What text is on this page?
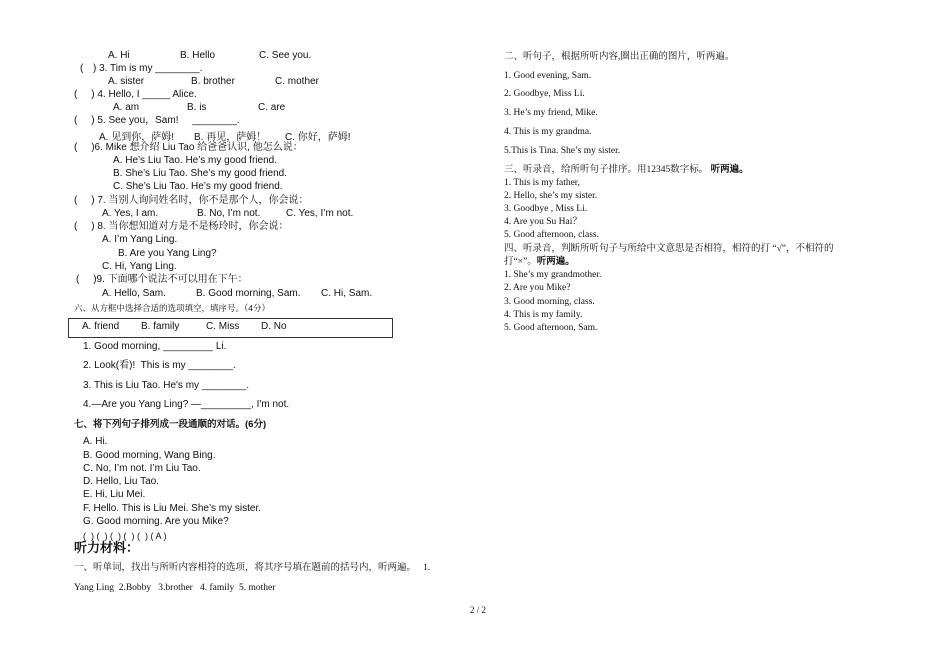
A. Hi	B. Hello	C. See you.
( ) 3. Tim is my ________.
A. sister	B. brother	C. mother
(     ) 4. Hello, I _____ Alice.
A. am	B. is	C. are
(     ) 5. See you，Sam!     ________.
A. 见到你，萨姆! B. 再见，萨姆！ C. 你好，萨姆!
(     )6. Mike 想介绍 Liu Tao 给爸爸认识, 他怎么说：
A. He’s Liu Tao. He’s my good friend.
B. She’s Liu Tao. She’s my good friend.
C. She’s Liu Tao. He’s my good friend.
(     ) 7. 当别人询问姓名时，你不是那个人，你会说：
A. Yes, I am.	B. No, I’m not.	C. Yes, I’m not.
(     ) 8. 当你想知道对方是不是杨玲时，你会说：
A. I’m Yang Ling.
B. Are you Yang Ling?
C. Hi, Yang Ling.
(     )9. 下面哪个说法不可以用在下午：
A. Hello, Sam.	B. Good morning, Sam. C. Hi, Sam.
六、从方框中选择合适的选项填空，填序号。（4分）
A. friend B. family	C. Miss D. No
1. Good morning, _________ Li.
2. Look(看)!  This is my ________.
3. This is Liu Tao. He's my ________.
4.—Are you Yang Ling? —_________, I'm not.
七、将下列句子排列成一段通顺的对话。(6分)
A. Hi.
B. Good morning, Wang Bing.
C. No, I’m not. I’m Liu Tao.
D. Hello, Liu Tao.
E. Hi, Liu Mei.
F. Hello. This is Liu Mei. She’s my sister.
G. Good morning. Are you Mike?
(  ) (  ) (  ) (  ) (  ) ( A )
听力材料：
一、听单词，找出与所听内容相符的选项，将其序号填在题前的括号内，听两遍。   1.
Yang Ling  2.Bobby   3.brother   4. family  5. mother
二、听句子，根据所听内容,圈出正确的图片，听两遍。
1. Good evening, Sam.
2. Goodbye, Miss Li.
3. He’s my friend, Mike.
4. This is my grandma.
5.This is Tina. She’s my sister.
三、听录音，给所听句子排序。用12345数字标。 听两遍。
1. This is my father,
2. Hello, she’s my sister.
3. Goodbye , Miss Li.
4. Are you Su Hai？
5. Good afternoon, class.
四、听录音，判断所听句子与所给中文意思是否相符，相符的打 “√”，不相符的
打“×”。听两遍。
1. She’s my grandmother.
2. Are you Mike?
3. Good morning, class.
4. This is my family.
5. Good afternoon, Sam.
2 / 2
